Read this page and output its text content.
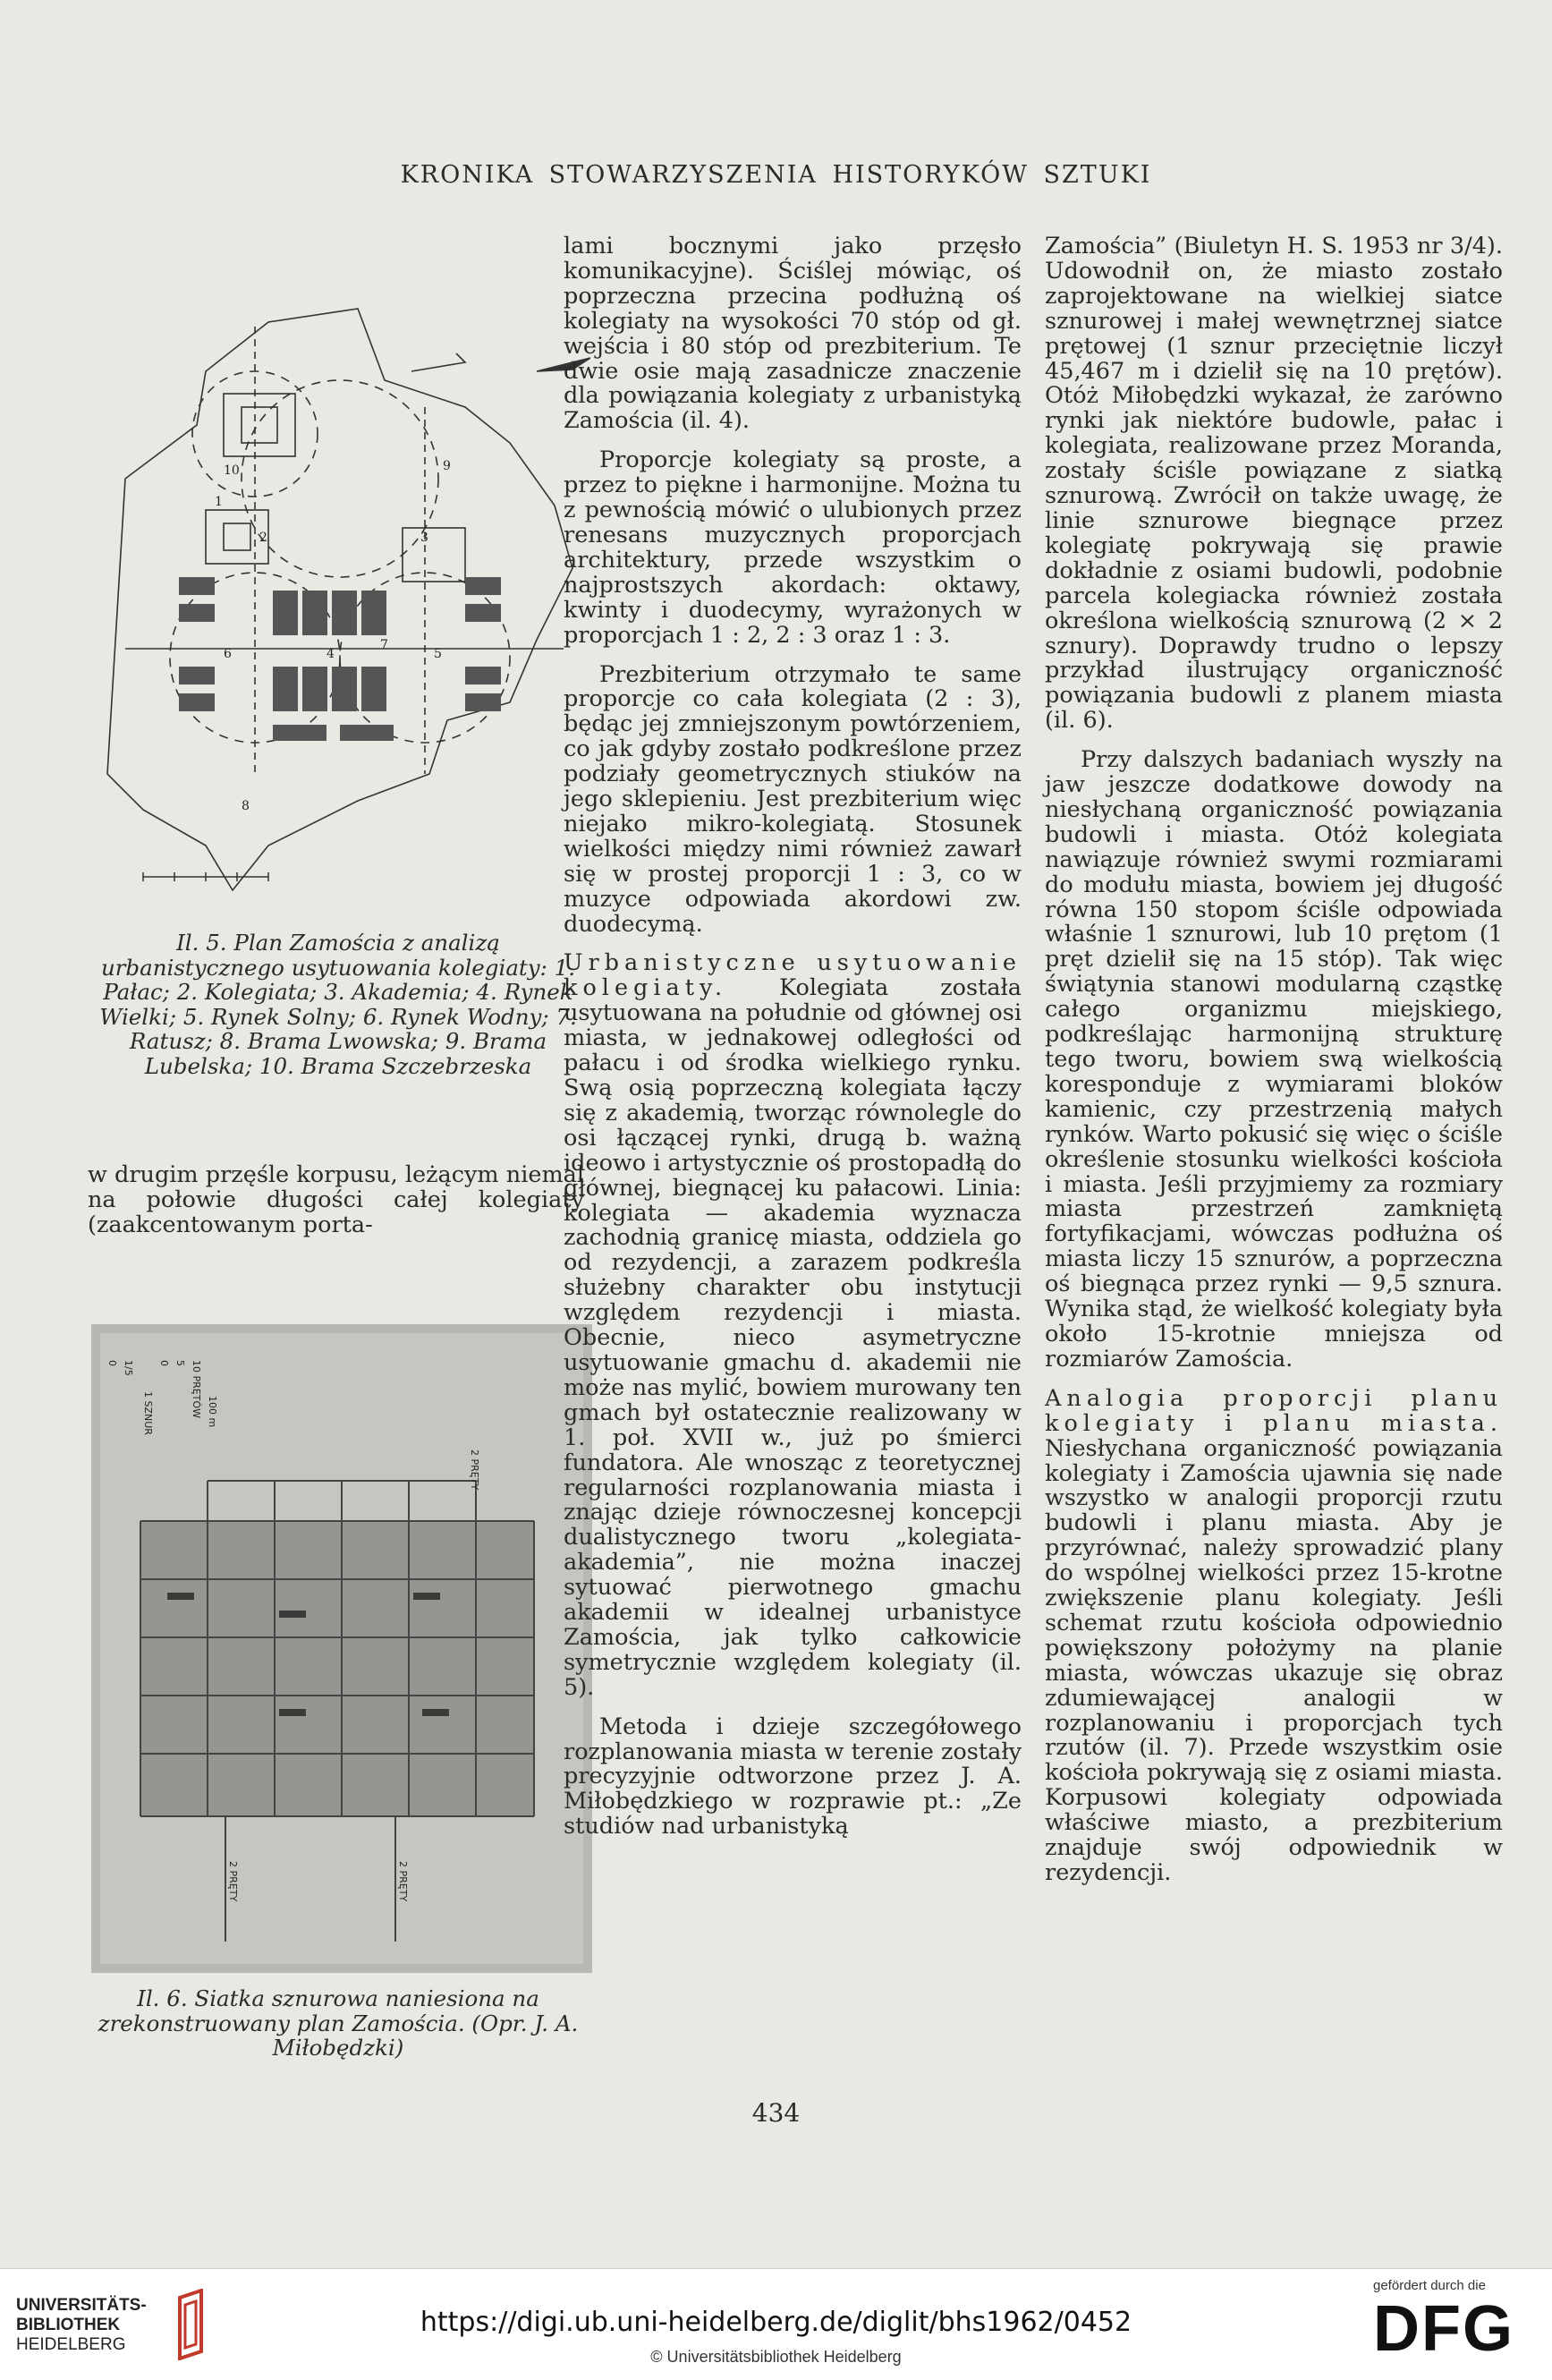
KRONIKA STOWARZYSZENIA HISTORYKÓW SZTUKI
1
2	3
4	5
6
7
8
9
10
Il. 5. Plan Zamościa z analizą urbanistycznego usytuowania kolegiaty: 1. Pałac; 2. Kolegiata; 3. Akademia; 4. Rynek Wielki; 5. Rynek Solny; 6. Rynek Wodny; 7. Ratusz; 8. Brama Lwowska; 9. Brama Lubelska; 10. Brama Szczebrzeska

w drugim przęśle korpusu, leżącym niemal na połowie długości całej kolegiaty (zaakcentowanym porta-

0 1/5
1 SZNUR
0 5 10 PRĘTÓW 100 m
2 PRĘTY
2 PRĘTY	2 PRĘTY
Il. 6. Siatka sznurowa naniesiona na zrekonstruowany plan Zamościa. (Opr. J. A. Miłobędzki)

lami bocznymi jako przęsło komunikacyjne). Ściślej mówiąc, oś poprzeczna przecina podłużną oś kolegiaty na wysokości 70 stóp od gł. wejścia i 80 stóp od prezbiterium. Te dwie osie mają zasadnicze znaczenie dla powiązania kolegiaty z urbanistyką Zamościa (il. 4).

Proporcje kolegiaty są proste, a przez to piękne i harmonijne. Można tu z pewnością mówić o ulubionych przez renesans muzycznych proporcjach architektury, przede wszystkim o najprostszych akordach: oktawy, kwinty i duodecymy, wyrażonych w proporcjach 1 : 2, 2 : 3 oraz 1 : 3.

Prezbiterium otrzymało te same proporcje co cała kolegiata (2 : 3), będąc jej zmniejszonym powtórzeniem, co jak gdyby zostało podkreślone przez podziały geometrycznych stiuków na jego sklepieniu. Jest prezbiterium więc niejako mikro-kolegiatą. Stosunek wielkości między nimi również zawarł się w prostej proporcji 1 : 3, co w muzyce odpowiada akordowi zw. duodecymą.

Urbanistyczne usytuowanie kolegiaty. Kolegiata została usytuowana na południe od głównej osi miasta, w jednakowej odległości od pałacu i od środka wielkiego rynku. Swą osią poprzeczną kolegiata łączy się z akademią, tworząc równolegle do osi łączącej rynki, drugą b. ważną ideowo i artystycznie oś prostopadłą do głównej, biegnącej ku pałacowi. Linia: kolegiata — akademia wyznacza zachodnią granicę miasta, oddziela go od rezydencji, a zarazem podkreśla służebny charakter obu instytucji względem rezydencji i miasta. Obecnie, nieco asymetryczne usytuowanie gmachu d. akademii nie może nas mylić, bowiem murowany ten gmach był ostatecznie realizowany w 1. poł. XVII w., już po śmierci fundatora. Ale wnosząc z teoretycznej regularności rozplanowania miasta i znając dzieje równoczesnej koncepcji dualistycznego tworu „kolegiata-akademia”, nie można inaczej sytuować pierwotnego gmachu akademii w idealnej urbanistyce Zamościa, jak tylko całkowicie symetrycznie względem kolegiaty (il. 5).

Metoda i dzieje szczegółowego rozplanowania miasta w terenie zostały precyzyjnie odtworzone przez J. A. Miłobędzkiego w rozprawie pt.: „Ze studiów nad urbanistyką

Zamościa” (Biuletyn H. S. 1953 nr 3/4). Udowodnił on, że miasto zostało zaprojektowane na wielkiej siatce sznurowej i małej wewnętrznej siatce prętowej (1 sznur przeciętnie liczył 45,467 m i dzielił się na 10 prętów). Otóż Miłobędzki wykazał, że zarówno rynki jak niektóre budowle, pałac i kolegiata, realizowane przez Moranda, zostały ściśle powiązane z siatką sznurową. Zwrócił on także uwagę, że linie sznurowe biegnące przez kolegiatę pokrywają się prawie dokładnie z osiami budowli, podobnie parcela kolegiacka również została określona wielkością sznurową (2 × 2 sznury). Doprawdy trudno o lepszy przykład ilustrujący organiczność powiązania budowli z planem miasta (il. 6).

Przy dalszych badaniach wyszły na jaw jeszcze dodatkowe dowody na niesłychaną organiczność powiązania budowli i miasta. Otóż kolegiata nawiązuje również swymi rozmiarami do modułu miasta, bowiem jej długość równa 150 stopom ściśle odpowiada właśnie 1 sznurowi, lub 10 prętom (1 pręt dzielił się na 15 stóp). Tak więc świątynia stanowi modularną cząstkę całego organizmu miejskiego, podkreślając harmonijną strukturę tego tworu, bowiem swą wielkością koresponduje z wymiarami bloków kamienic, czy przestrzenią małych rynków. Warto pokusić się więc o ściśle określenie stosunku wielkości kościoła i miasta. Jeśli przyjmiemy za rozmiary miasta przestrzeń zamkniętą fortyfikacjami, wówczas podłużna oś miasta liczy 15 sznurów, a poprzeczna oś biegnąca przez rynki — 9,5 sznura. Wynika stąd, że wielkość kolegiaty była około 15-krotnie mniejsza od rozmiarów Zamościa.

Analogia proporcji planu kolegiaty i planu miasta. Niesłychana organiczność powiązania kolegiaty i Zamościa ujawnia się nade wszystko w analogii proporcji rzutu budowli i planu miasta. Aby je przyrównać, należy sprowadzić plany do wspólnej wielkości przez 15-krotne zwiększenie planu kolegiaty. Jeśli schemat rzutu kościoła odpowiednio powiększony położymy na planie miasta, wówczas ukazuje się obraz zdumiewającej analogii w rozplanowaniu i proporcjach tych rzutów (il. 7). Przede wszystkim osie kościoła pokrywają się z osiami miasta. Korpusowi kolegiaty odpowiada właściwe miasto, a prezbiterium znajduje swój odpowiednik w rezydencji.

434
UNIVERSITÄTS-
BIBLIOTHEK
HEIDELBERG
https://digi.ub.uni-heidelberg.de/diglit/bhs1962/0452
© Universitätsbibliothek Heidelberg
gefördert durch die
DFG
